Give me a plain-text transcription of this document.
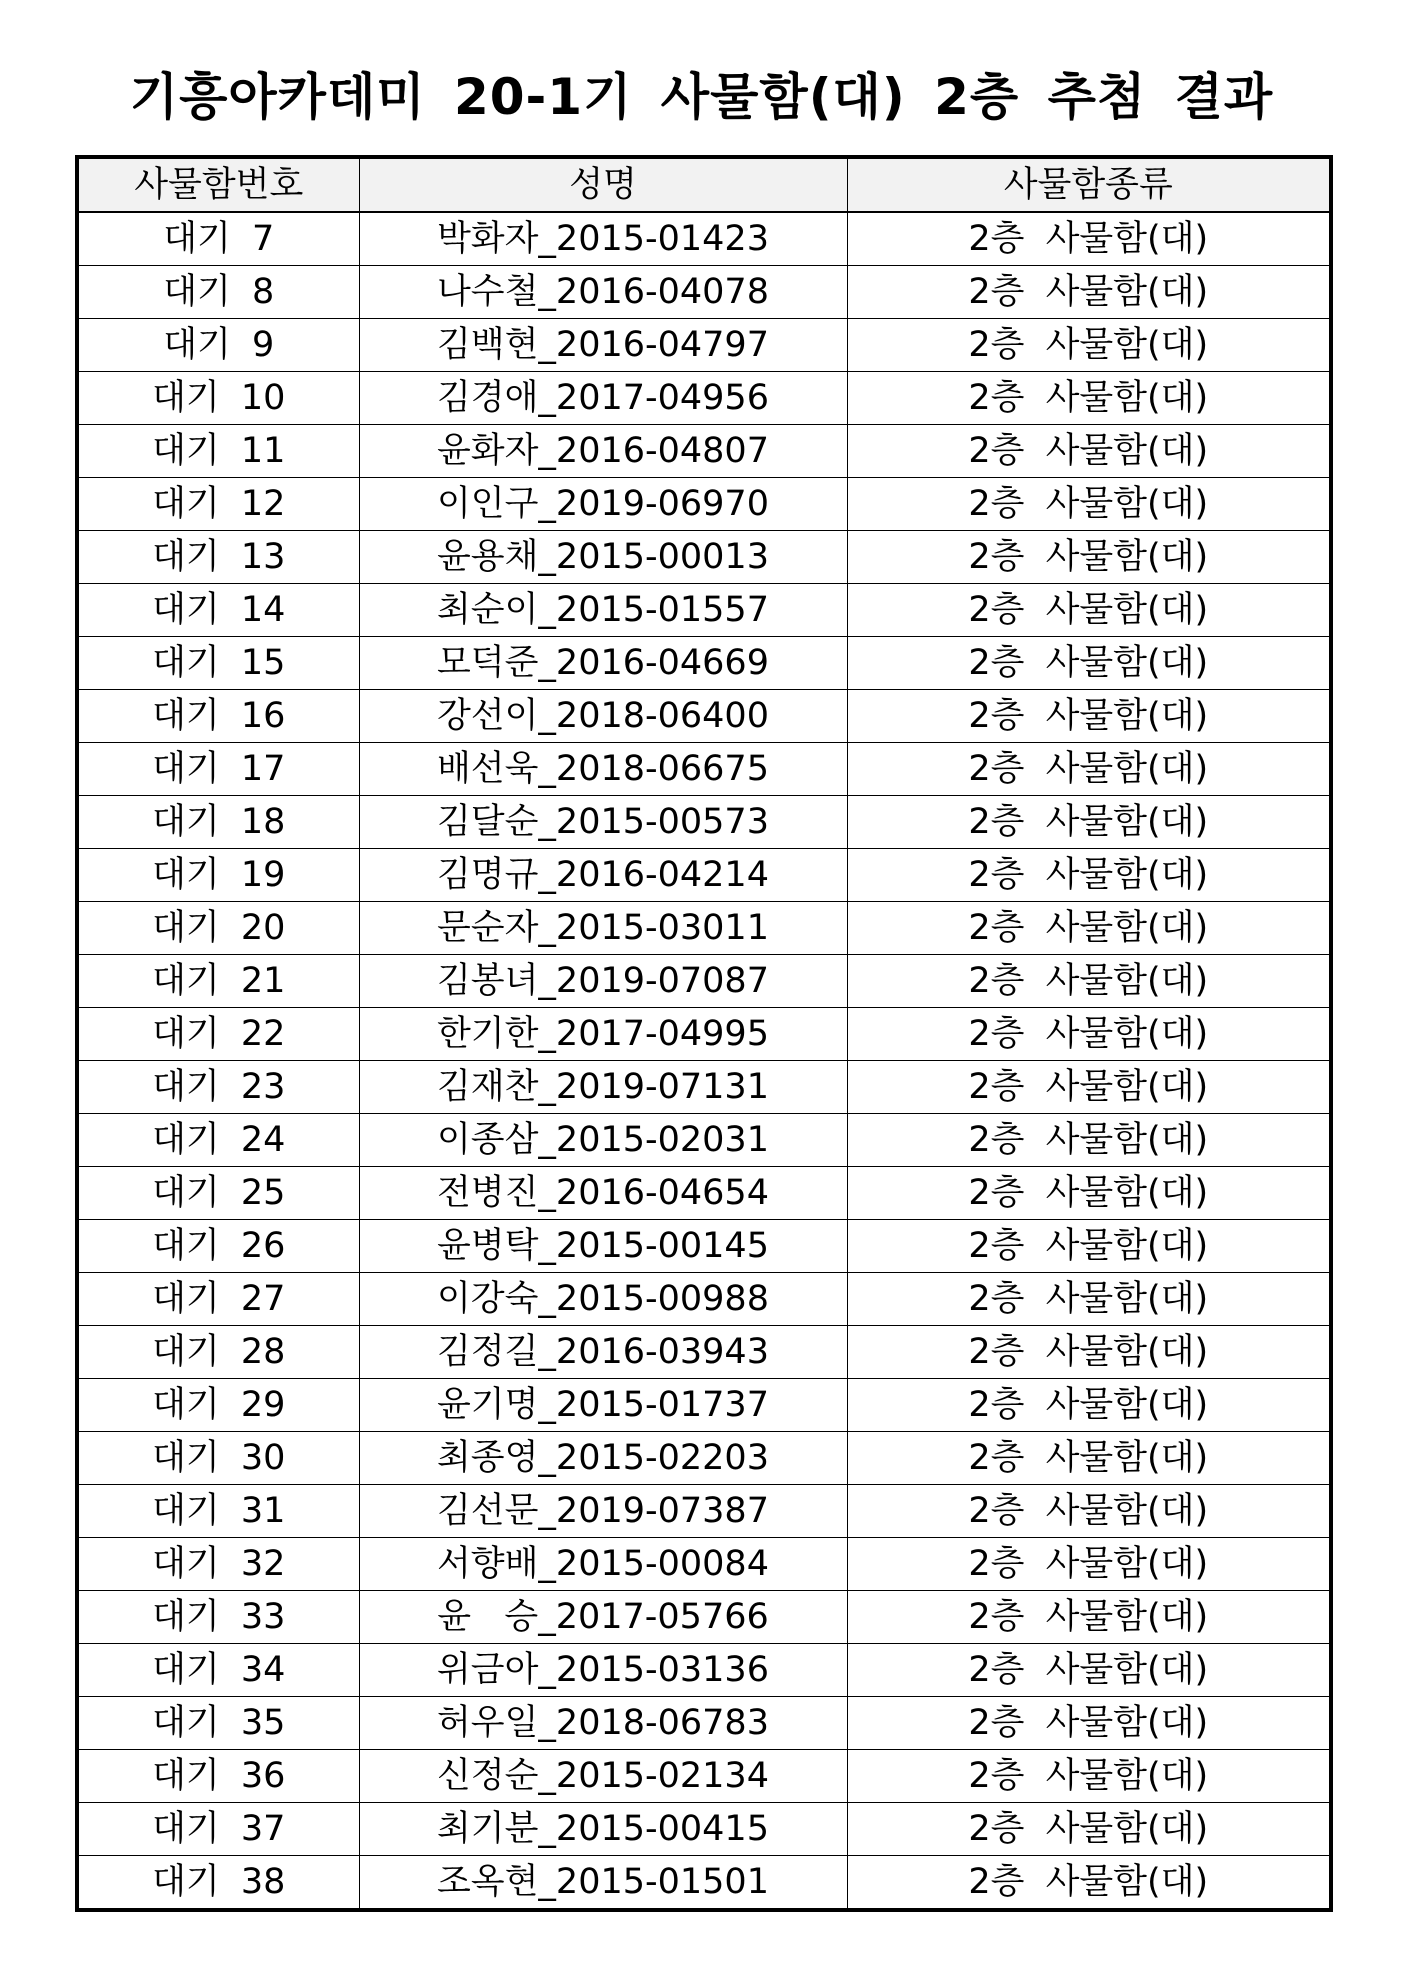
기흥아카데미 20-1기 사물함(대) 2층 추첨 결과
사물함번호	성명	사물함종류
대기 7	박화자_2015-01423	2층 사물함(대)
대기 8	나수철_2016-04078	2층 사물함(대)
대기 9	김백현_2016-04797	2층 사물함(대)
대기 10	김경애_2017-04956	2층 사물함(대)
대기 11	윤화자_2016-04807	2층 사물함(대)
대기 12	이인구_2019-06970	2층 사물함(대)
대기 13	윤용채_2015-00013	2층 사물함(대)
대기 14	최순이_2015-01557	2층 사물함(대)
대기 15	모덕준_2016-04669	2층 사물함(대)
대기 16	강선이_2018-06400	2층 사물함(대)
대기 17	배선욱_2018-06675	2층 사물함(대)
대기 18	김달순_2015-00573	2층 사물함(대)
대기 19	김명규_2016-04214	2층 사물함(대)
대기 20	문순자_2015-03011	2층 사물함(대)
대기 21	김봉녀_2019-07087	2층 사물함(대)
대기 22	한기한_2017-04995	2층 사물함(대)
대기 23	김재찬_2019-07131	2층 사물함(대)
대기 24	이종삼_2015-02031	2층 사물함(대)
대기 25	전병진_2016-04654	2층 사물함(대)
대기 26	윤병탁_2015-00145	2층 사물함(대)
대기 27	이강숙_2015-00988	2층 사물함(대)
대기 28	김정길_2016-03943	2층 사물함(대)
대기 29	윤기명_2015-01737	2층 사물함(대)
대기 30	최종영_2015-02203	2층 사물함(대)
대기 31	김선문_2019-07387	2층 사물함(대)
대기 32	서향배_2015-00084	2층 사물함(대)
대기 33	윤   승_2017-05766	2층 사물함(대)
대기 34	위금아_2015-03136	2층 사물함(대)
대기 35	허우일_2018-06783	2층 사물함(대)
대기 36	신정순_2015-02134	2층 사물함(대)
대기 37	최기분_2015-00415	2층 사물함(대)
대기 38	조옥현_2015-01501	2층 사물함(대)
